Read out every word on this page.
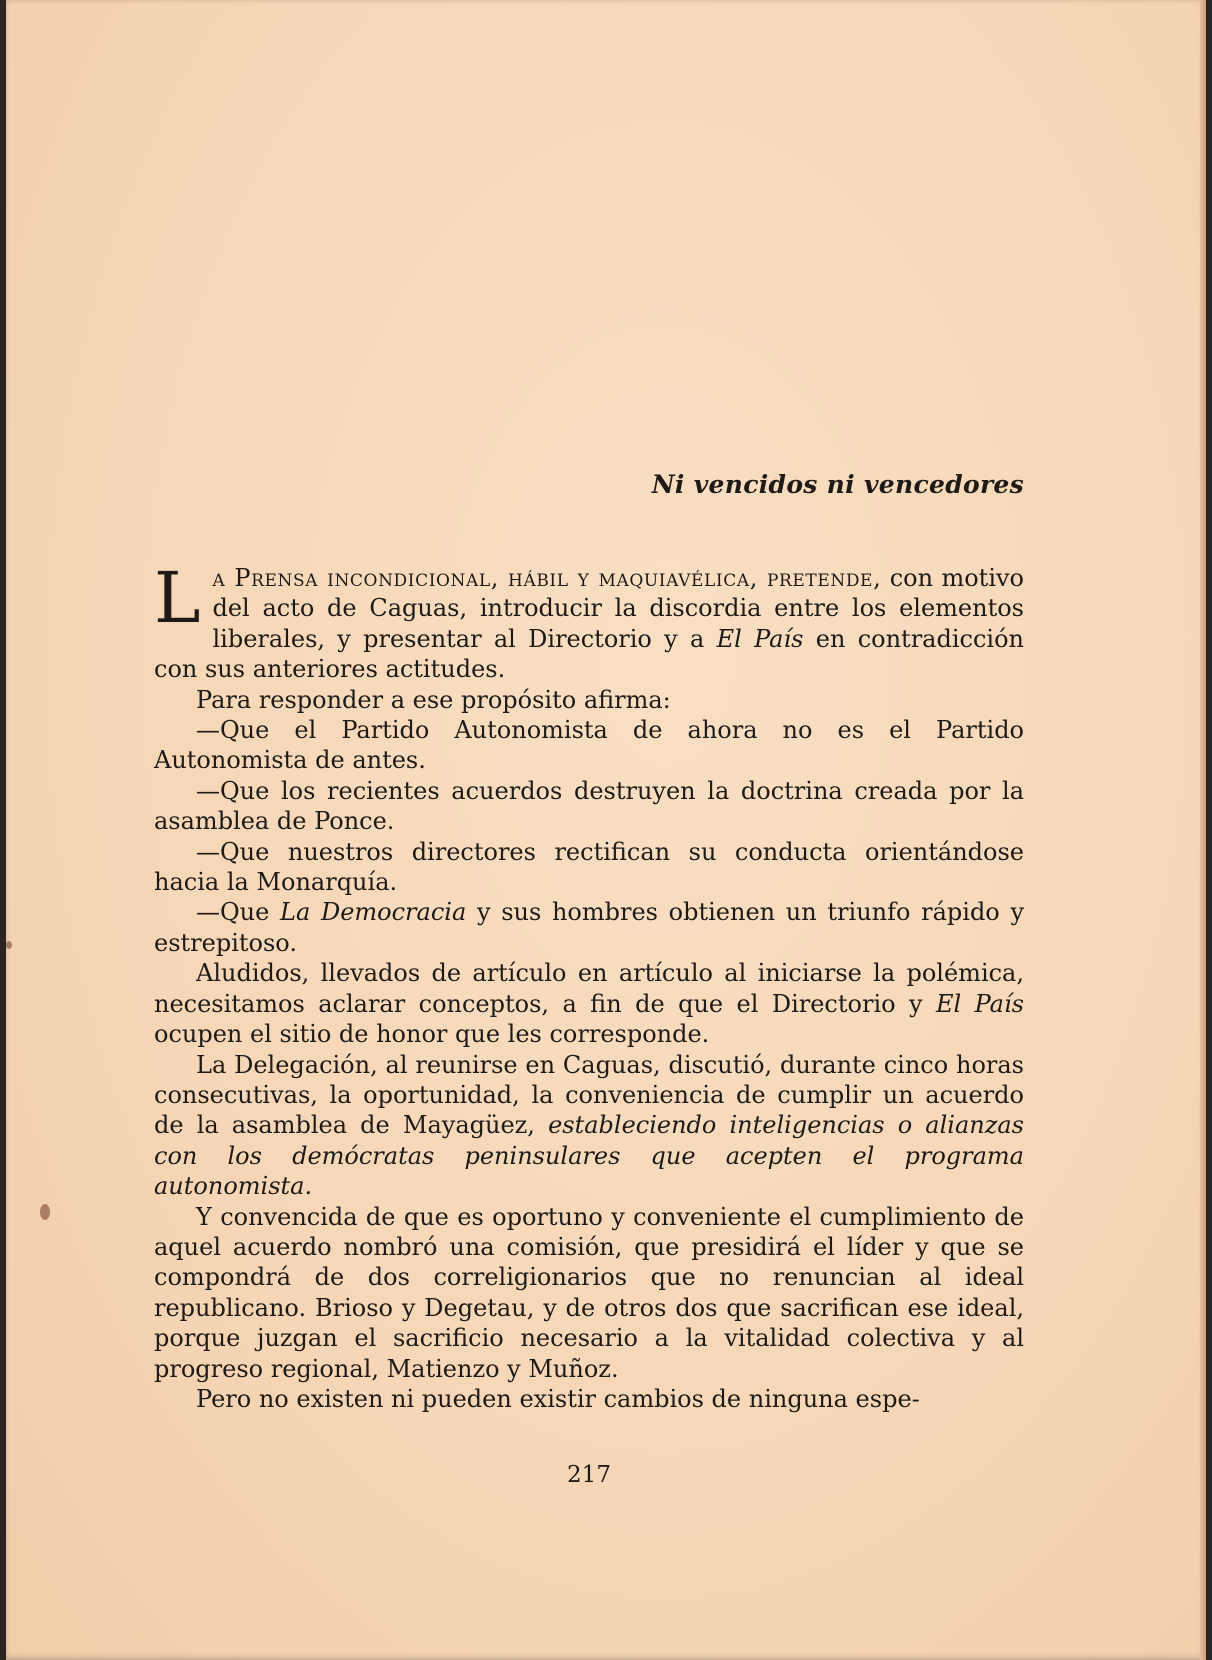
Ni vencidos ni vencedores

La Prensa incondicional, hábil y maquiavélica, pretende, con motivo del acto de Caguas, introducir la discordia entre los elementos liberales, y presentar al Directorio y a El País en contradicción con sus anteriores actitudes.

Para responder a ese propósito afirma:

—Que el Partido Autonomista de ahora no es el Partido Autonomista de antes.

—Que los recientes acuerdos destruyen la doctrina creada por la asamblea de Ponce.

—Que nuestros directores rectifican su conducta orientándose hacia la Monarquía.

—Que La Democracia y sus hombres obtienen un triunfo rápido y estrepitoso.

Aludidos, llevados de artículo en artículo al iniciarse la polémica, necesitamos aclarar conceptos, a fin de que el Directorio y El País ocupen el sitio de honor que les corresponde.

La Delegación, al reunirse en Caguas, discutió, durante cinco horas consecutivas, la oportunidad, la conveniencia de cumplir un acuerdo de la asamblea de Mayagüez, estableciendo inteligencias o alianzas con los demócratas peninsulares que acepten el programa autonomista.

Y convencida de que es oportuno y conveniente el cumplimiento de aquel acuerdo nombró una comisión, que presidirá el líder y que se compondrá de dos correligionarios que no renuncian al ideal republicano. Brioso y Degetau, y de otros dos que sacrifican ese ideal, porque juzgan el sacrificio necesario a la vitalidad colectiva y al progreso regional, Matienzo y Muñoz.

Pero no existen ni pueden existir cambios de ninguna espe-

217
